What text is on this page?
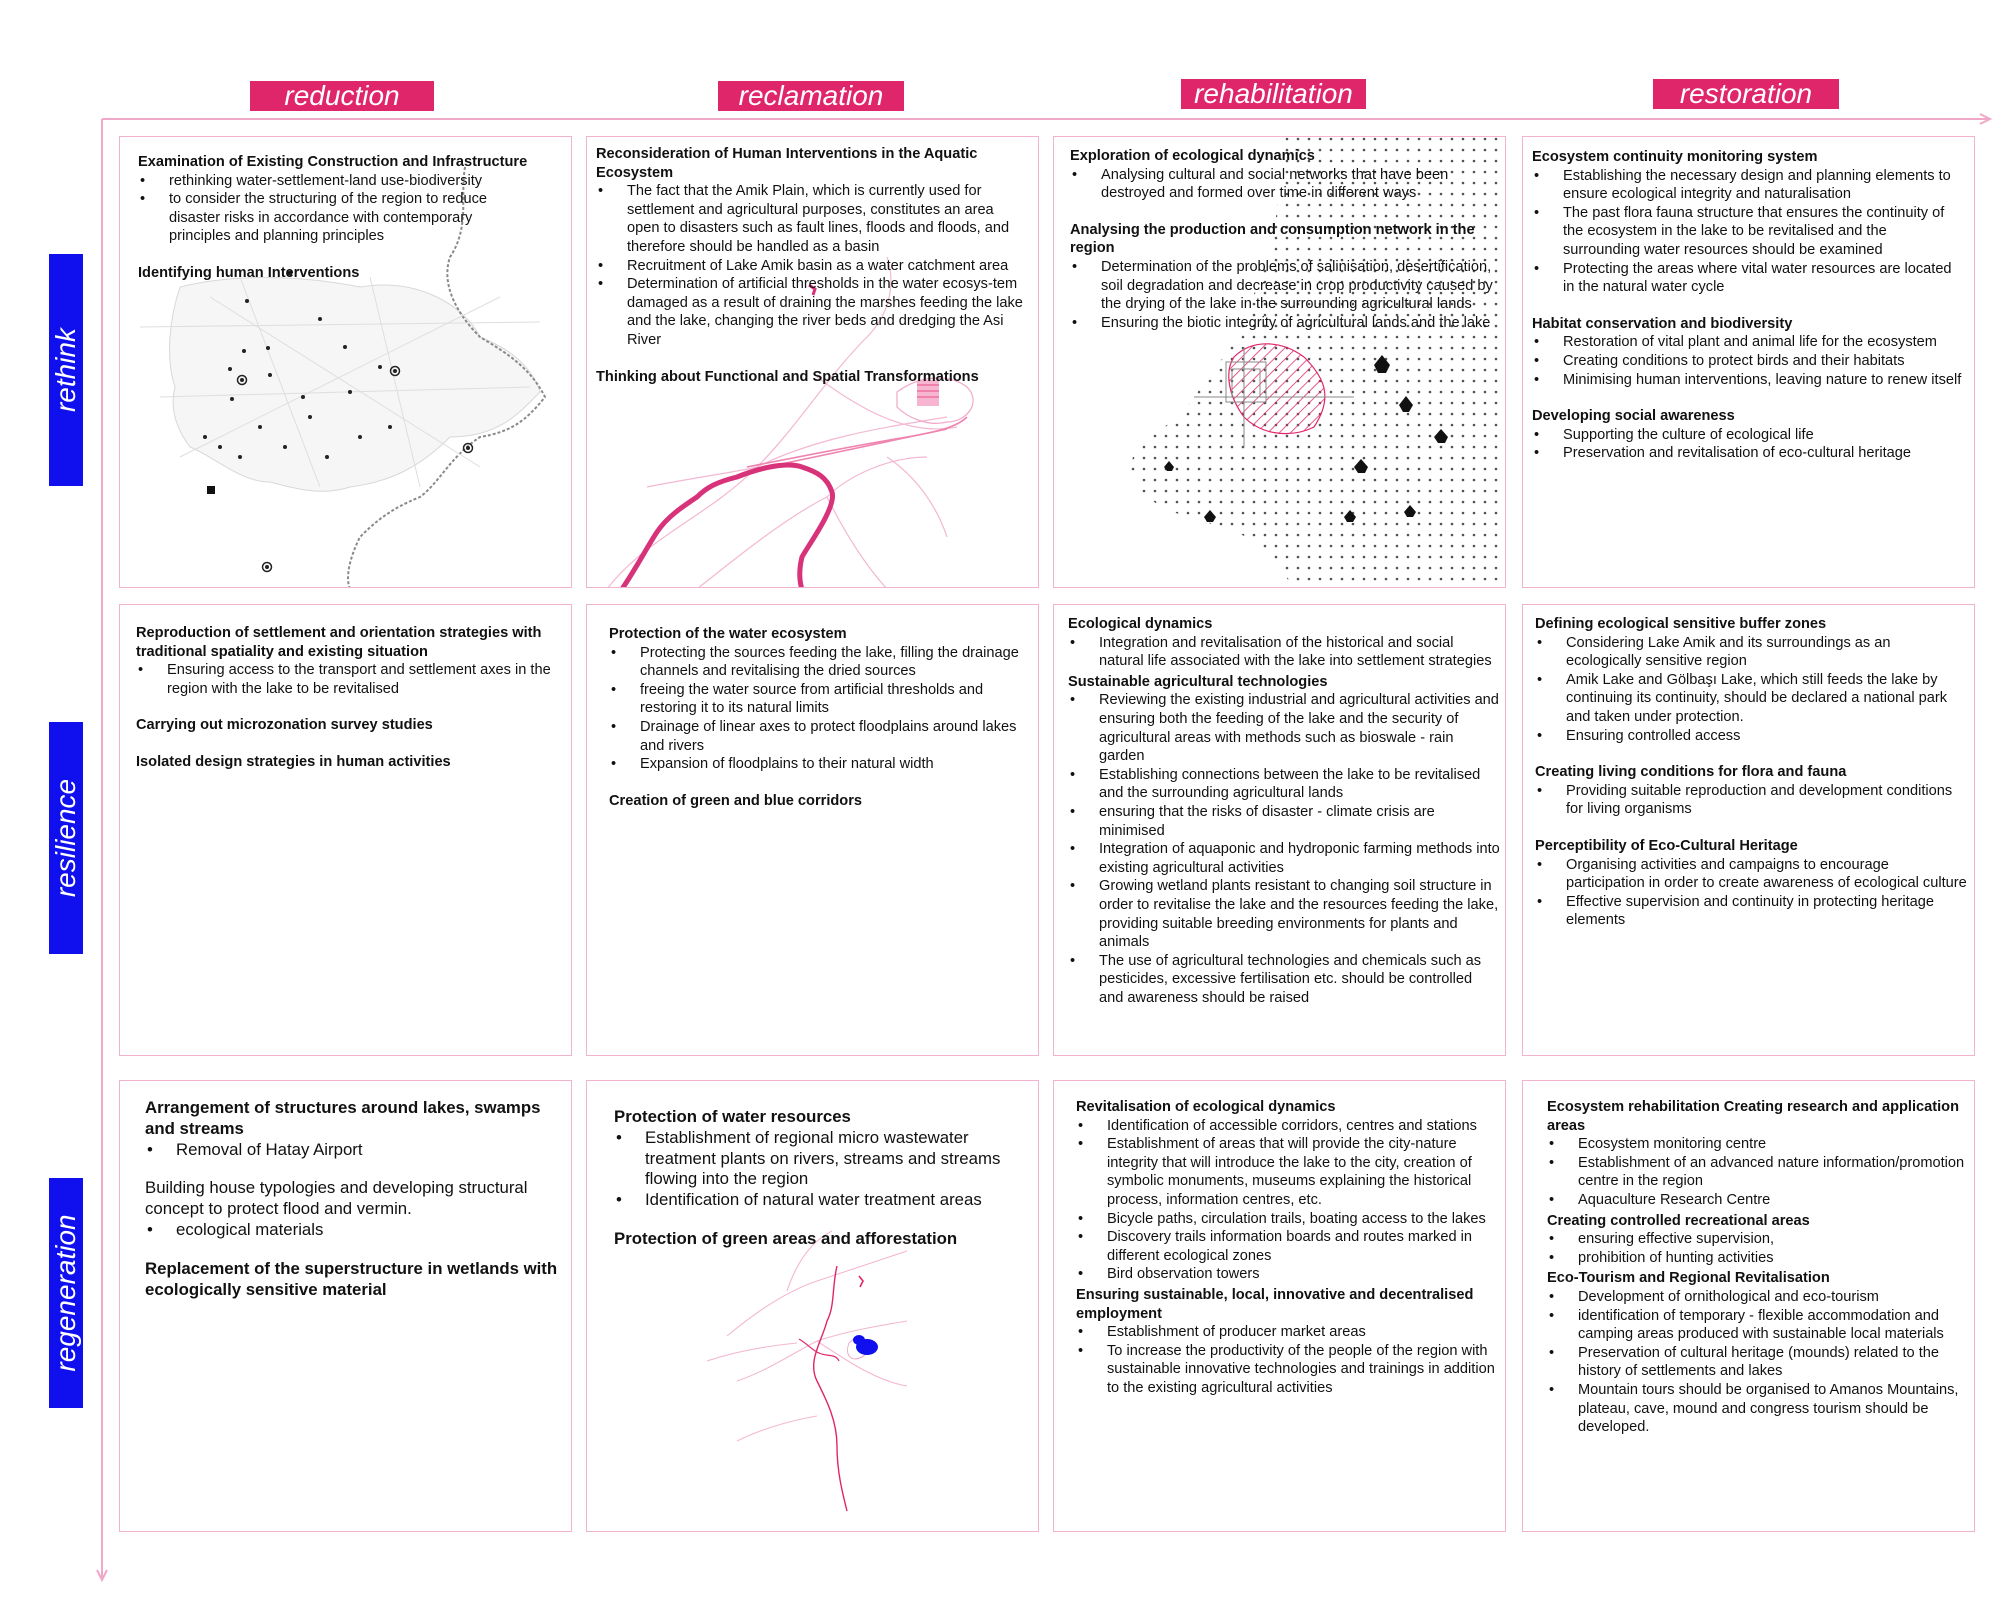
reduction	reclamation	rehabilitation	restoration
rethink
resilience
regeneration
Examination of Existing Construction and Infrastructure
• rethinking water-settlement-land use-biodiversity
• to consider the structuring of the region to reduce disaster risks in accordance with contemporary principles and planning principles
Identifying human Interventions
Reconsideration of Human Interventions in the Aquatic Ecosystem
• The fact that the Amik Plain, which is currently used for settlement and agricultural purposes, constitutes an area open to disasters such as fault lines, floods and floods, and therefore should be handled as a basin
• Recruitment of Lake Amik basin as a water catchment area
• Determination of artificial thresholds in the water ecosys-tem damaged as a result of draining the marshes feeding the lake and the lake, changing the river beds and dredging the Asi River
Thinking about Functional and Spatial Transformations
Exploration of ecological dynamics
• Analysing cultural and social networks that have been destroyed and formed over time in different ways
Analysing the production and consumption network in the region
• Determination of the problems of salinisation, desertification, soil degradation and decrease in crop productivity caused by the drying of the lake in the surrounding agricultural lands
• Ensuring the biotic integrity of agricultural lands and the lake
Ecosystem continuity monitoring system
• Establishing the necessary design and planning elements to ensure ecological integrity and naturalisation
• The past flora fauna structure that ensures the continuity of the ecosystem in the lake to be revitalised and the surrounding water resources should be examined
• Protecting the areas where vital water resources are located in the natural water cycle
Habitat conservation and biodiversity
• Restoration of vital plant and animal life for the ecosystem
• Creating conditions to protect birds and their habitats
• Minimising human interventions, leaving nature to renew itself
Developing social awareness
• Supporting the culture of ecological life
• Preservation and revitalisation of eco-cultural heritage
Reproduction of settlement and orientation strategies with traditional spatiality and existing situation
• Ensuring access to the transport and settlement axes in the region with the lake to be revitalised
Carrying out microzonation survey studies
Isolated design strategies in human activities
Protection of the water ecosystem
• Protecting the sources feeding the lake, filling the drainage channels and revitalising the dried sources
• freeing the water source from artificial thresholds and restoring it to its natural limits
• Drainage of linear axes to protect floodplains around lakes and rivers
• Expansion of floodplains to their natural width
Creation of green and blue corridors
Ecological dynamics
• Integration and revitalisation of the historical and social natural life associated with the lake into settlement strategies
Sustainable agricultural technologies
• Reviewing the existing industrial and agricultural activities and ensuring both the feeding of the lake and the security of agricultural areas with methods such as bioswale - rain garden
• Establishing connections between the lake to be revitalised and the surrounding agricultural lands
• ensuring that the risks of disaster - climate crisis are minimised
• Integration of aquaponic and hydroponic farming methods into existing agricultural activities
• Growing wetland plants resistant to changing soil structure in order to revitalise the lake and the resources feeding the lake, providing suitable breeding environments for plants and animals
• The use of agricultural technologies and chemicals such as pesticides, excessive fertilisation etc. should be controlled and awareness should be raised
Defining ecological sensitive buffer zones
• Considering Lake Amik and its surroundings as an ecologically sensitive region
• Amik Lake and Gölbaşı Lake, which still feeds the lake by continuing its continuity, should be declared a national park and taken under protection.
• Ensuring controlled access
Creating living conditions for flora and fauna
• Providing suitable reproduction and development conditions for living organisms
Perceptibility of Eco-Cultural Heritage
• Organising activities and campaigns to encourage participation in order to create awareness of ecological culture
• Effective supervision and continuity in protecting heritage elements
Arrangement of structures around lakes, swamps and streams
• Removal of Hatay Airport
Building house typologies and developing structural concept to protect flood and vermin.
• ecological materials
Replacement of the superstructure in wetlands with ecologically sensitive material
Protection of water resources
• Establishment of regional micro wastewater treatment plants on rivers, streams and streams flowing into the region
• Identification of natural water treatment areas
Protection of green areas and afforestation
Revitalisation of ecological dynamics
• Identification of accessible corridors, centres and stations
• Establishment of areas that will provide the city-nature integrity that will introduce the lake to the city, creation of symbolic monuments, museums explaining the historical process, information centres, etc.
• Bicycle paths, circulation trails, boating access to the lakes
• Discovery trails information boards and routes marked in different ecological zones
• Bird observation towers
Ensuring sustainable, local, innovative and decentralised employment
• Establishment of producer market areas
• To increase the productivity of the people of the region with sustainable innovative technologies and trainings in addition to the existing agricultural activities
Ecosystem rehabilitation Creating research and application areas
• Ecosystem monitoring centre
• Establishment of an advanced nature information/promotion centre in the region
• Aquaculture Research Centre
Creating controlled recreational areas
• ensuring effective supervision,
• prohibition of hunting activities
Eco-Tourism and Regional Revitalisation
• Development of ornithological and eco-tourism
• identification of temporary - flexible accommodation and camping areas produced with sustainable local materials
• Preservation of cultural heritage (mounds) related to the history of settlements and lakes
• Mountain tours should be organised to Amanos Mountains, plateau, cave, mound and congress tourism should be developed.
